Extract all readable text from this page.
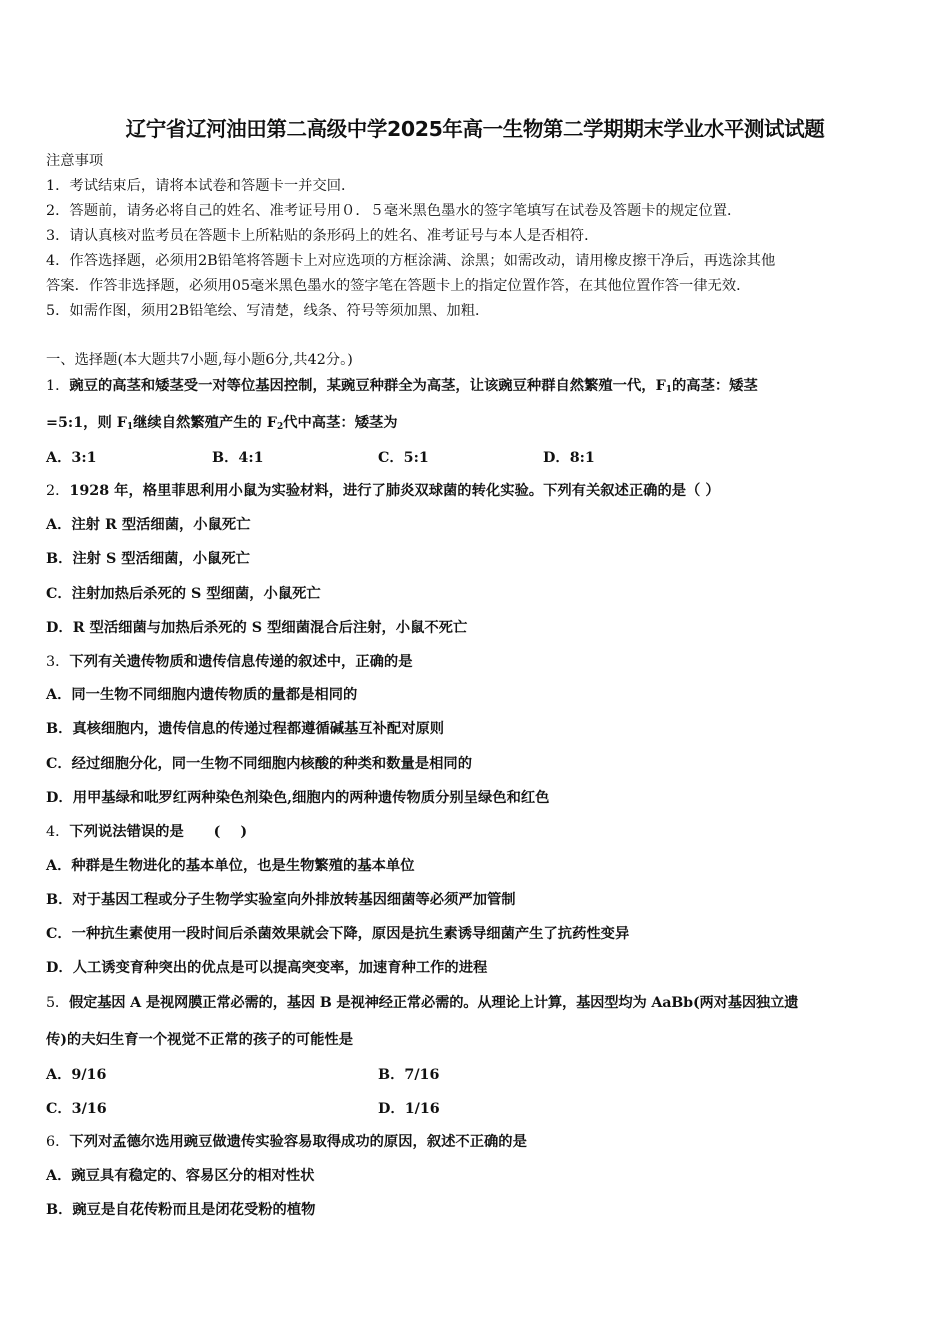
辽宁省辽河油田第二高级中学2025年高一生物第二学期期末学业水平测试试题
注意事项
1．考试结束后，请将本试卷和答题卡一并交回．
2．答题前，请务必将自己的姓名、准考证号用０．５毫米黑色墨水的签字笔填写在试卷及答题卡的规定位置．
3．请认真核对监考员在答题卡上所粘贴的条形码上的姓名、准考证号与本人是否相符．
4．作答选择题，必须用2B铅笔将答题卡上对应选项的方框涂满、涂黑；如需改动，请用橡皮擦干净后，再选涂其他
答案．作答非选择题，必须用05毫米黑色墨水的签字笔在答题卡上的指定位置作答，在其他位置作答一律无效．
5．如需作图，须用2B铅笔绘、写清楚，线条、符号等须加黑、加粗．
一、选择题(本大题共7小题,每小题6分,共42分。)
1．豌豆的高茎和矮茎受一对等位基因控制，某豌豆种群全为高茎，让该豌豆种群自然繁殖一代，$F_1$的高茎：矮茎
=5:1，则 $F_1$继续自然繁殖产生的 $F_2$代中高茎：矮茎为
A．3:1	B．4:1	C．5:1	D．8:1
2．1928 年，格里菲思利用小鼠为实验材料，进行了肺炎双球菌的转化实验。下列有关叙述正确的是（ ）
A．注射 R 型活细菌，小鼠死亡
B．注射 S 型活细菌，小鼠死亡
C．注射加热后杀死的 S 型细菌，小鼠死亡
D．R 型活细菌与加热后杀死的 S 型细菌混合后注射，小鼠不死亡
3．下列有关遗传物质和遗传信息传递的叙述中，正确的是
A．同一生物不同细胞内遗传物质的量都是相同的
B．真核细胞内，遗传信息的传递过程都遵循碱基互补配对原则
C．经过细胞分化，同一生物不同细胞内核酸的种类和数量是相同的
D．用甲基绿和吡罗红两种染色剂染色,细胞内的两种遗传物质分别呈绿色和红色
4．下列说法错误的是      (    )
A．种群是生物进化的基本单位，也是生物繁殖的基本单位
B．对于基因工程或分子生物学实验室向外排放转基因细菌等必须严加管制
C．一种抗生素使用一段时间后杀菌效果就会下降，原因是抗生素诱导细菌产生了抗药性变异
D．人工诱变育种突出的优点是可以提高突变率，加速育种工作的进程
5．假定基因 A 是视网膜正常必需的，基因 B 是视神经正常必需的。从理论上计算，基因型均为 AaBb(两对基因独立遗
传)的夫妇生育一个视觉不正常的孩子的可能性是
A．9/16	B．7/16
C．3/16	D．1/16
6．下列对孟德尔选用豌豆做遗传实验容易取得成功的原因，叙述不正确的是
A．豌豆具有稳定的、容易区分的相对性状
B．豌豆是自花传粉而且是闭花受粉的植物
